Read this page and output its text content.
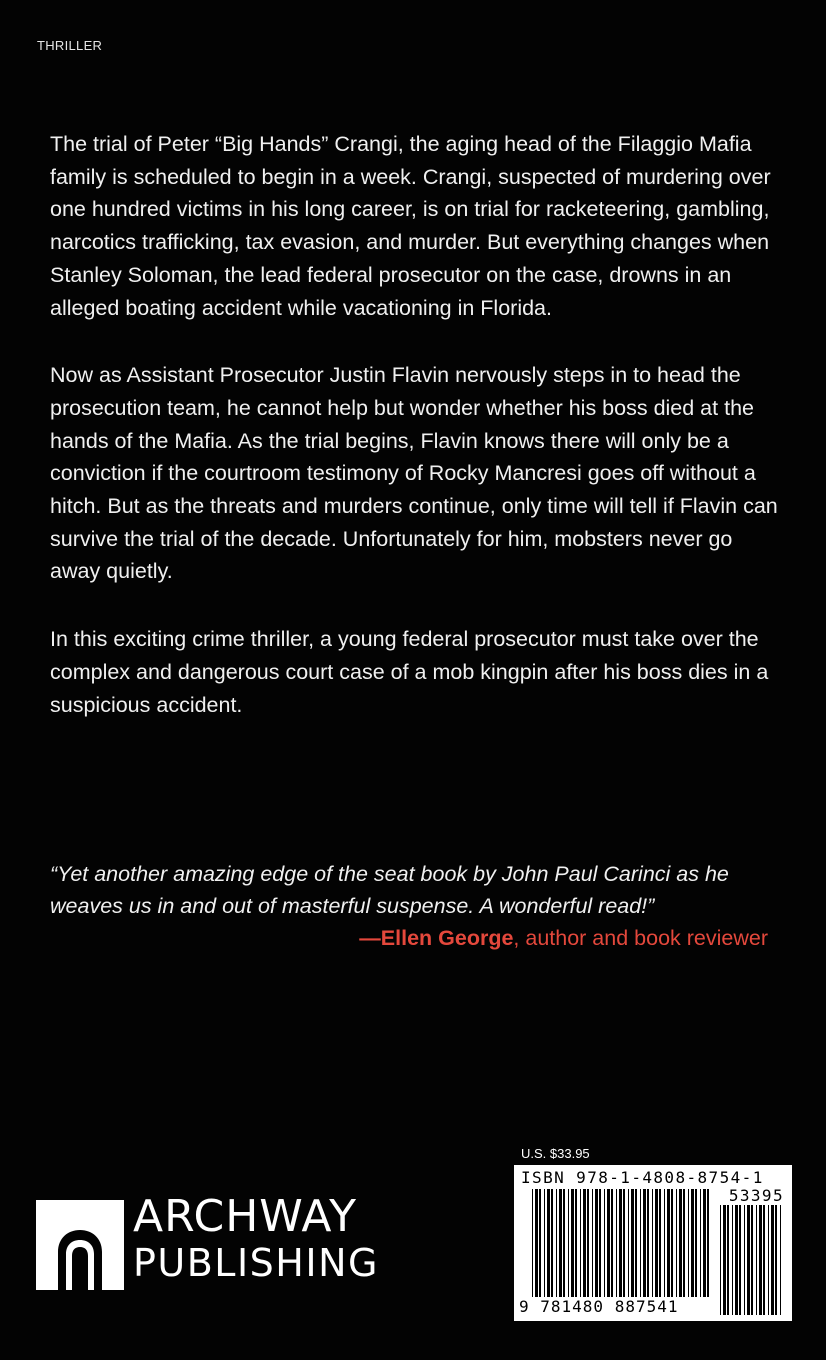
THRILLER

The trial of Peter “Big Hands” Crangi, the aging head of the Filaggio Mafia family is scheduled to begin in a week. Crangi, suspected of murdering over one hundred victims in his long career, is on trial for racketeering, gambling, narcotics trafficking, tax evasion, and murder. But everything changes when Stanley Soloman, the lead federal prosecutor on the case, drowns in an alleged boating accident while vacationing in Florida.

Now as Assistant Prosecutor Justin Flavin nervously steps in to head the prosecution team, he cannot help but wonder whether his boss died at the hands of the Mafia. As the trial begins, Flavin knows there will only be a conviction if the courtroom testimony of Rocky Mancresi goes off without a hitch. But as the threats and murders continue, only time will tell if Flavin can survive the trial of the decade. Unfortunately for him, mobsters never go away quietly.

In this exciting crime thriller, a young federal prosecutor must take over the complex and dangerous court case of a mob kingpin after his boss dies in a suspicious accident.

“Yet another amazing edge of the seat book by John Paul Carinci as he weaves us in and out of masterful suspense. A wonderful read!”

—Ellen George, author and book reviewer
ARCHWAY
PUBLISHING
U.S. $33.95
ISBN 978-1-4808-8754-1
53395
9 781480 887541
